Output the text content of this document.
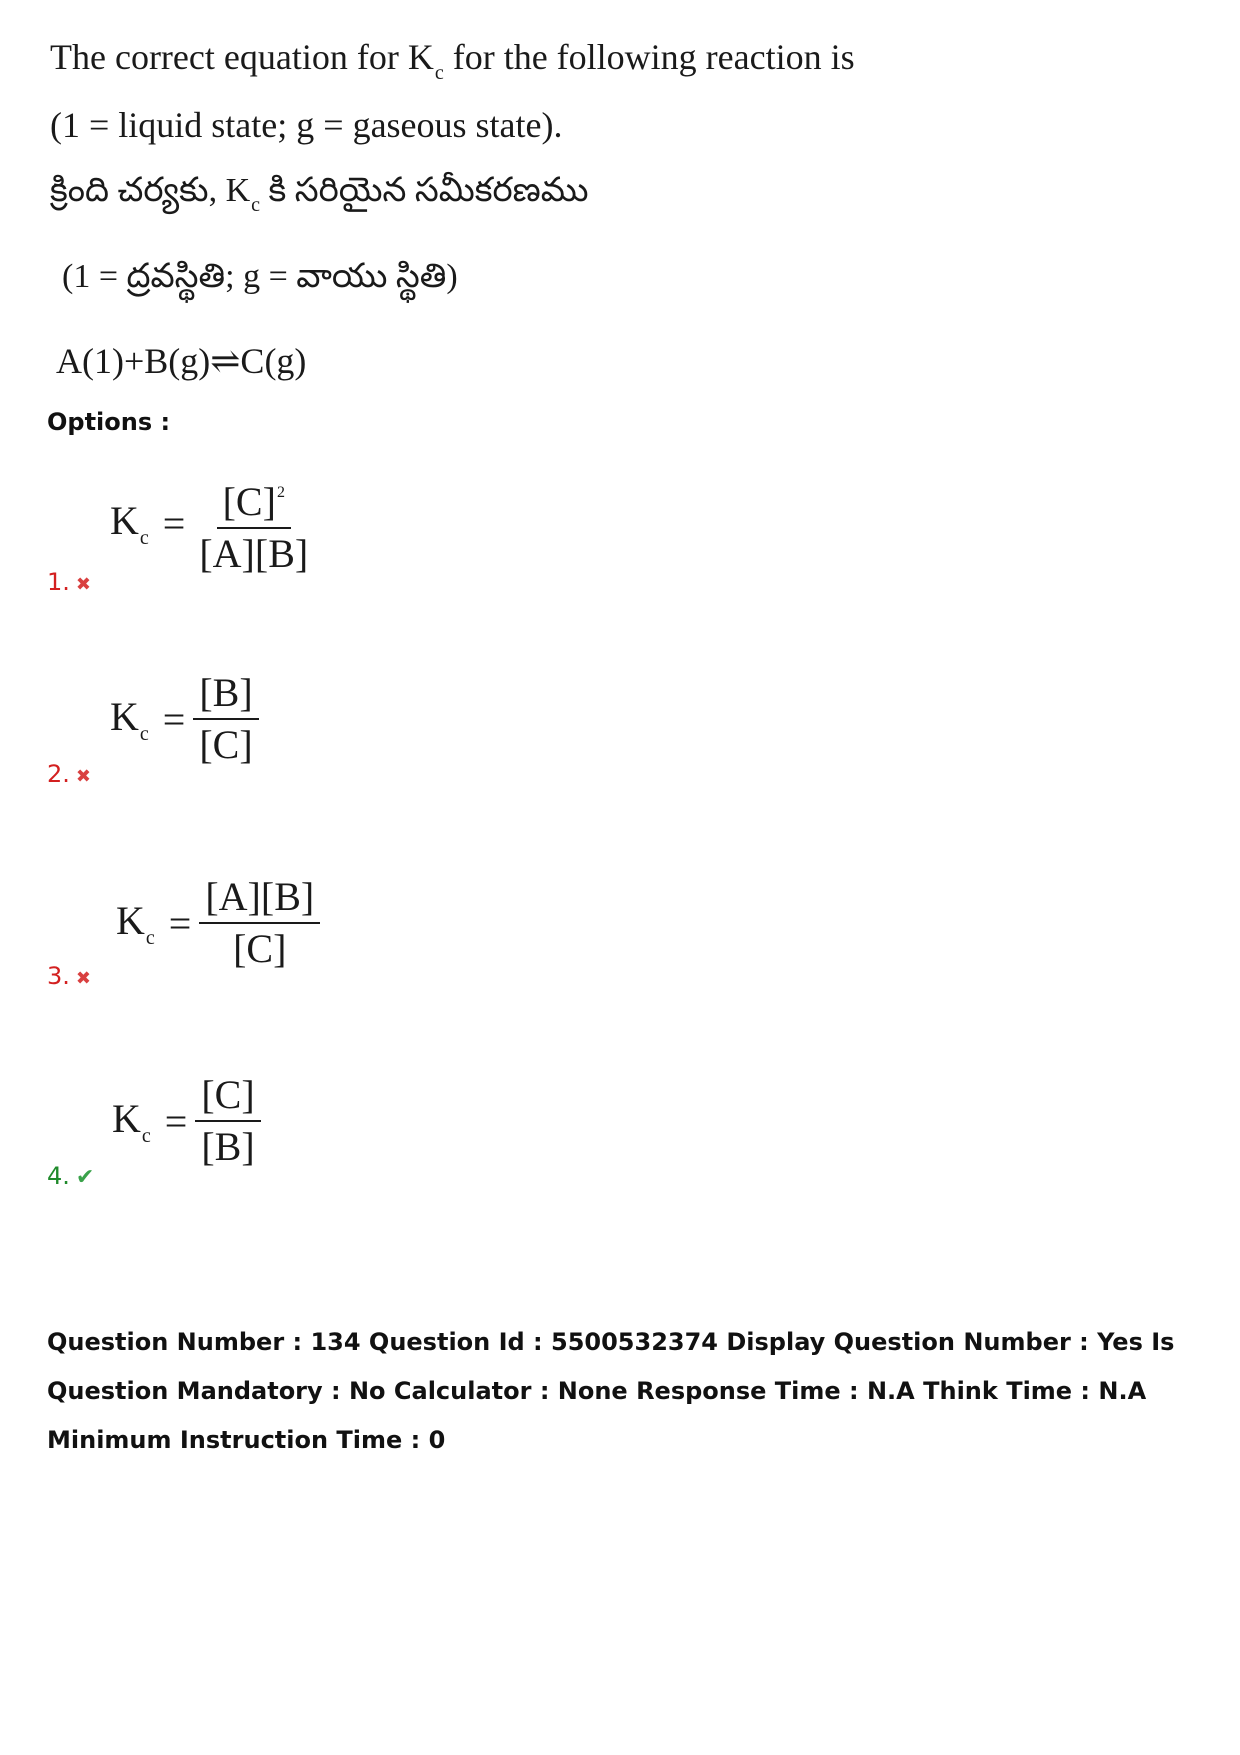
The correct equation for $K_c$ for the following reaction is
(1 = liquid state; g = gaseous state).
క్రింది చర్యకు, $K_c$ కి సరియైన సమీకరణము
(1 = ద్రవస్థితి; g = వాయు స్థితి)
A(1)+B(g)⇌C(g)
Options :
$K_c = \frac{[C]^2}{[A][B]}$
1. ✖
$K_c = \frac{[B]}{[C]}$
2. ✖
$K_c = \frac{[A][B]}{[C]}$
3. ✖
$K_c = \frac{[C]}{[B]}$
4. ✔
Question Number : 134 Question Id : 5500532374 Display Question Number : Yes Is Question Mandatory : No Calculator : None Response Time : N.A Think Time : N.A Minimum Instruction Time : 0
